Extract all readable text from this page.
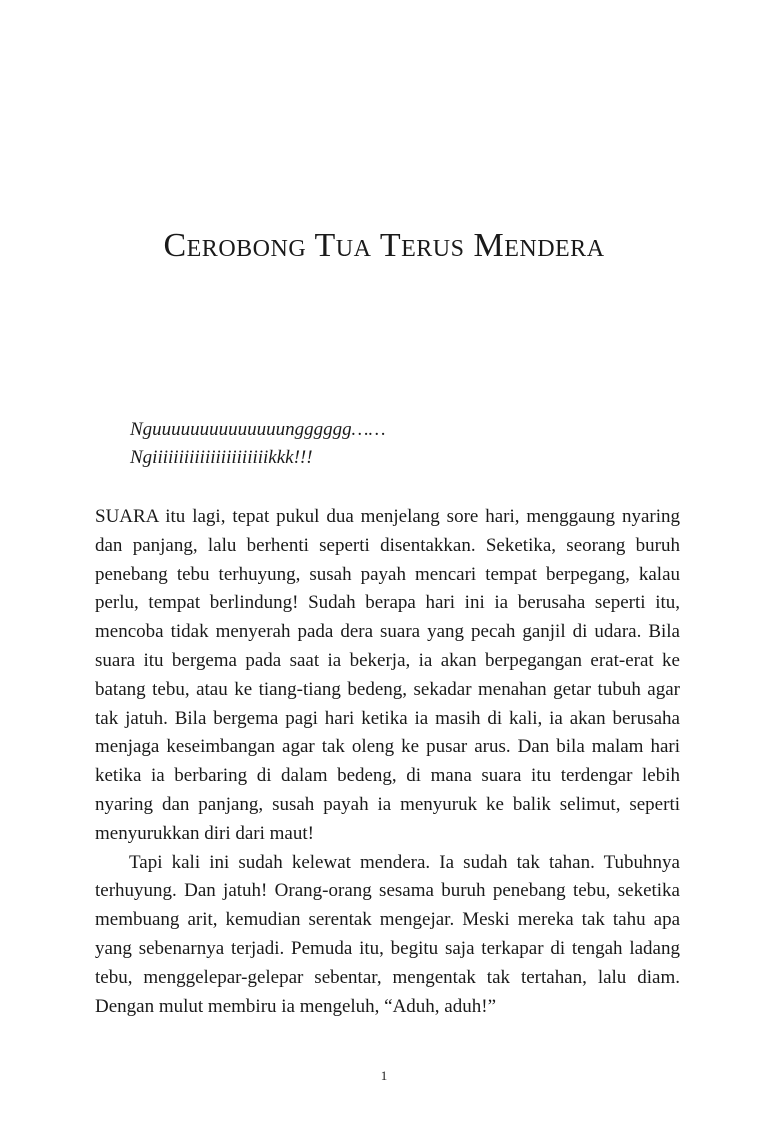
Cerobong Tua Terus Mendera
Nguuuuuuuuuuuuuungggggg……
Ngiiiiiiiiiiiiiiiiiiiiiikkk!!!

SUARA itu lagi, tepat pukul dua menjelang sore hari, menggaung nyaring dan panjang, lalu berhenti seperti disentakkan. Seketika, seorang buruh penebang tebu terhuyung, susah payah mencari tempat berpegang, kalau perlu, tempat berlindung! Sudah berapa hari ini ia berusaha seperti itu, mencoba tidak menyerah pada dera suara yang pecah ganjil di udara. Bila suara itu bergema pada saat ia bekerja, ia akan berpegangan erat-erat ke batang tebu, atau ke tiang-tiang bedeng, sekadar menahan getar tubuh agar tak jatuh. Bila bergema pagi hari ketika ia masih di kali, ia akan berusaha menjaga keseimbangan agar tak oleng ke pusar arus. Dan bila malam hari ketika ia berbaring di dalam bedeng, di mana suara itu terdengar lebih nyaring dan panjang, susah payah ia menyuruk ke balik selimut, seperti menyurukkan diri dari maut!

Tapi kali ini sudah kelewat mendera. Ia sudah tak tahan. Tubuhnya terhuyung. Dan jatuh! Orang-orang sesama buruh penebang tebu, seketika membuang arit, kemudian serentak mengejar. Meski mereka tak tahu apa yang sebenarnya terjadi. Pemuda itu, begitu saja terkapar di tengah ladang tebu, menggelepar-gelepar sebentar, mengentak tak tertahan, lalu diam. Dengan mulut membiru ia mengeluh, “Aduh, aduh!”

1
